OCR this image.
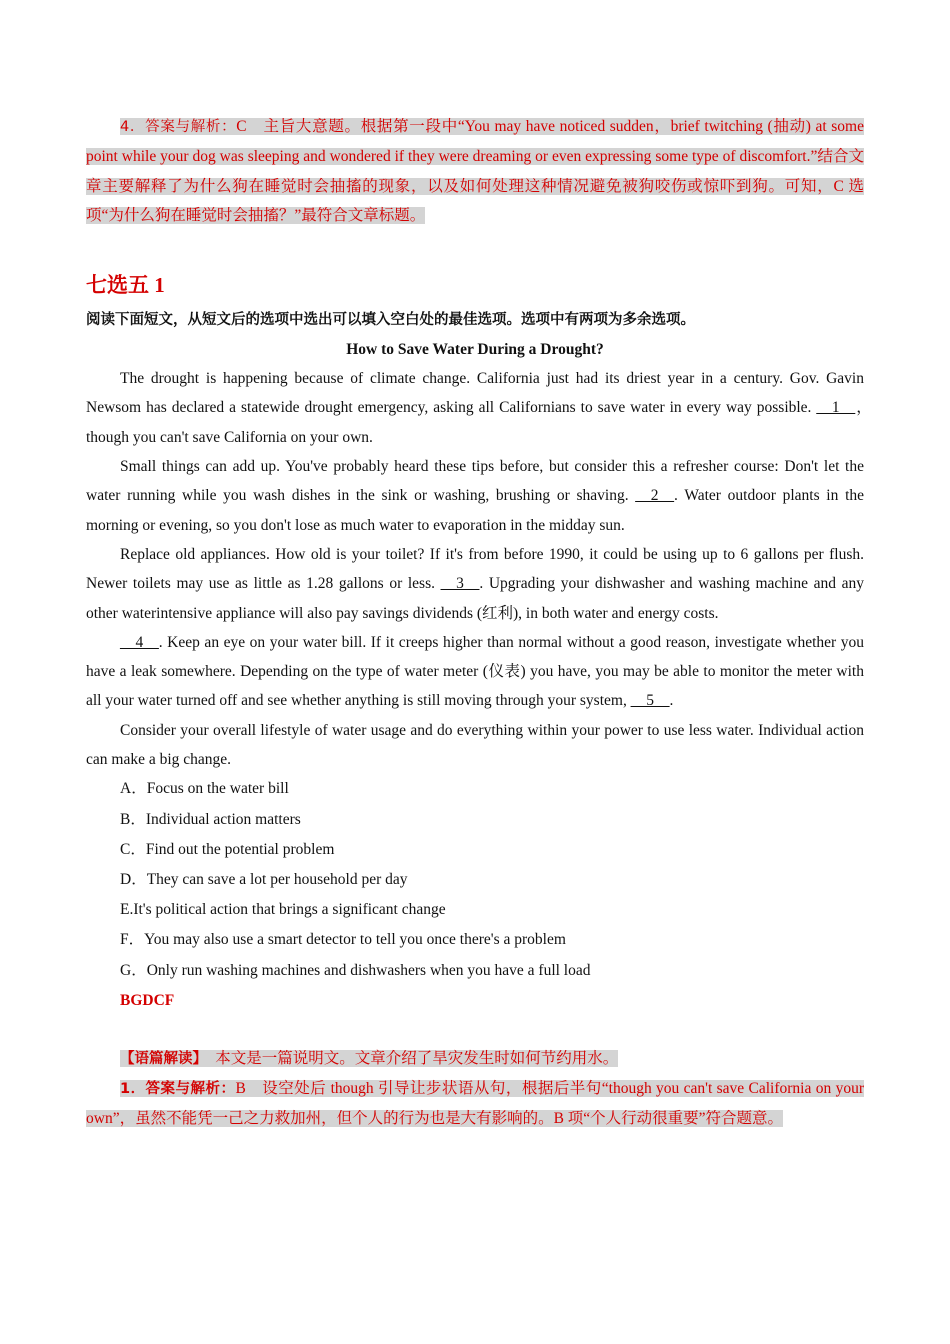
4．答案与解析：C　主旨大意题。根据第一段中“You may have noticed sudden，brief twitching (抽动) at some point while your dog was sleeping and wondered if they were dreaming or even expressing some type of discomfort.”结合文章主要解释了为什么狗在睡觉时会抽搐的现象，以及如何处理这种情况避免被狗咬伤或惊吓到狗。可知，C 选项“为什么狗在睡觉时会抽搐？”最符合文章标题。

七选五 1

阅读下面短文，从短文后的选项中选出可以填入空白处的最佳选项。选项中有两项为多余选项。

How to Save Water During a Drought?

The drought is happening because of climate change. California just had its driest year in a century. Gov. Gavin Newsom has declared a statewide drought emergency, asking all Californians to save water in every way possible. __1__，　though you can't save California on your own.

Small things can add up. You've probably heard these tips before, but consider this a refresher course: Don't let the water running while you wash dishes in the sink or washing, brushing or shaving. __2__. Water outdoor plants in the morning or evening, so you don't lose as much water to evaporation in the midday sun.

Replace old appliances. How old is your toilet? If it's from before 1990, it could be using up to 6 gallons per flush. Newer toilets may use as little as 1.28 gallons or less. __3__. Upgrading your dishwasher and washing machine and any other waterintensive appliance will also pay savings dividends (红利), in both water and energy costs.

__4__. Keep an eye on your water bill. If it creeps higher than normal without a good reason, investigate whether you have a leak somewhere. Depending on the type of water meter (仪表) you have, you may be able to monitor the meter with all your water turned off and see whether anything is still moving through your system, __5__.

Consider your overall lifestyle of water usage and do everything within your power to use less water. Individual action can make a big change.

A．Focus on the water bill

B．Individual action matters

C．Find out the potential problem

D．They can save a lot per household per day

E.It's political action that brings a significant change

F．You may also use a smart detector to tell you once there's a problem

G．Only run washing machines and dishwashers when you have a full load

BGDCF

【语篇解读】　本文是一篇说明文。文章介绍了旱灾发生时如何节约用水。

1．答案与解析：B　设空处后 though 引导让步状语从句，根据后半句“though you can't save California on your own”，虽然不能凭一己之力救加州，但个人的行为也是大有影响的。B 项“个人行动很重要”符合题意。
